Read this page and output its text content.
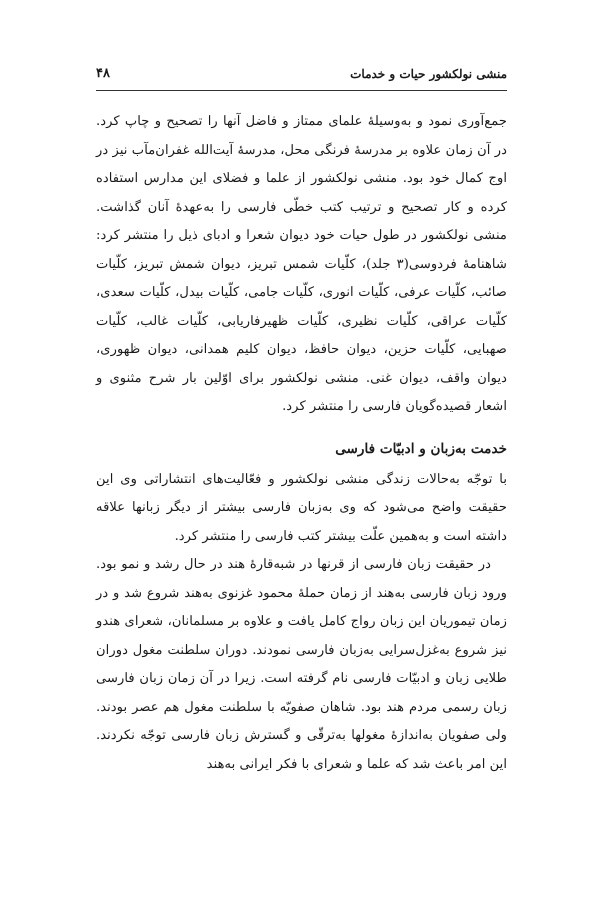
منشی نولکشور حیات و خدمات
۴۸

جمع‌آوری نمود و به‌وسیلهٔ علمای ممتاز و فاضل آنها را تصحیح و چاپ کرد. در آن زمان علاوه بر مدرسهٔ فرنگی محل، مدرسهٔ آیت‌الله غفران‌مآب نیز در اوج کمال خود بود. منشی نولکشور از علما و فضلای این مدارس استفاده کرده و کار تصحیح و ترتیب کتب خطّی فارسی را به‌عهدهٔ آنان گذاشت. منشی نولکشور در طول حیات خود دیوان شعرا و ادبای ذیل را منتشر کرد: شاهنامهٔ فردوسی(۳ جلد)، کلّیات شمس تبریز، دیوان شمش تبریز، کلّیات صائب، کلّیات عرفی، کلّیات انوری، کلّیات جامی، کلّیات بیدل، کلّیات سعدی، کلّیات عراقی، کلّیات نظیری، کلّیات ظهیرفاریابی، کلّیات غالب، کلّیات صهبایی، کلّیات حزین، دیوان حافظ، دیوان کلیم همدانی، دیوان ظهوری، دیوان واقف، دیوان غنی. منشی نولکشور برای اوّلین بار شرح مثنوی و اشعار قصیده‌گویان فارسی را منتشر کرد.

خدمت به‌زبان و ادبیّات فارسی

با توجّه به‌حالات زندگی منشی نولکشور و فعّالیت‌های انتشاراتی وی این حقیقت واضح می‌شود که وی به‌زبان فارسی بیشتر از دیگر زبانها علاقه داشته است و به‌همین علّت بیشتر کتب فارسی را منتشر کرد.

در حقیقت زبان فارسی از قرنها در شبه‌قارهٔ هند در حال رشد و نمو بود. ورود زبان فارسی به‌هند از زمان حملهٔ محمود غزنوی به‌هند شروع شد و در زمان تیموریان این زبان رواج کامل یافت و علاوه بر مسلمانان، شعرای هندو نیز شروع به‌غزل‌سرایی به‌زبان فارسی نمودند. دوران سلطنت مغول دوران طلایی زبان و ادبیّات فارسی نام گرفته است. زیرا در آن زمان زبان فارسی زبان رسمی مردم هند بود. شاهان صفویّه با سلطنت مغول هم عصر بودند. ولی صفویان به‌اندازهٔ مغولها به‌ترقّی و گسترش زبان فارسی توجّه نکردند. این امر باعث شد که علما و شعرای با فکر ایرانی به‌هند
